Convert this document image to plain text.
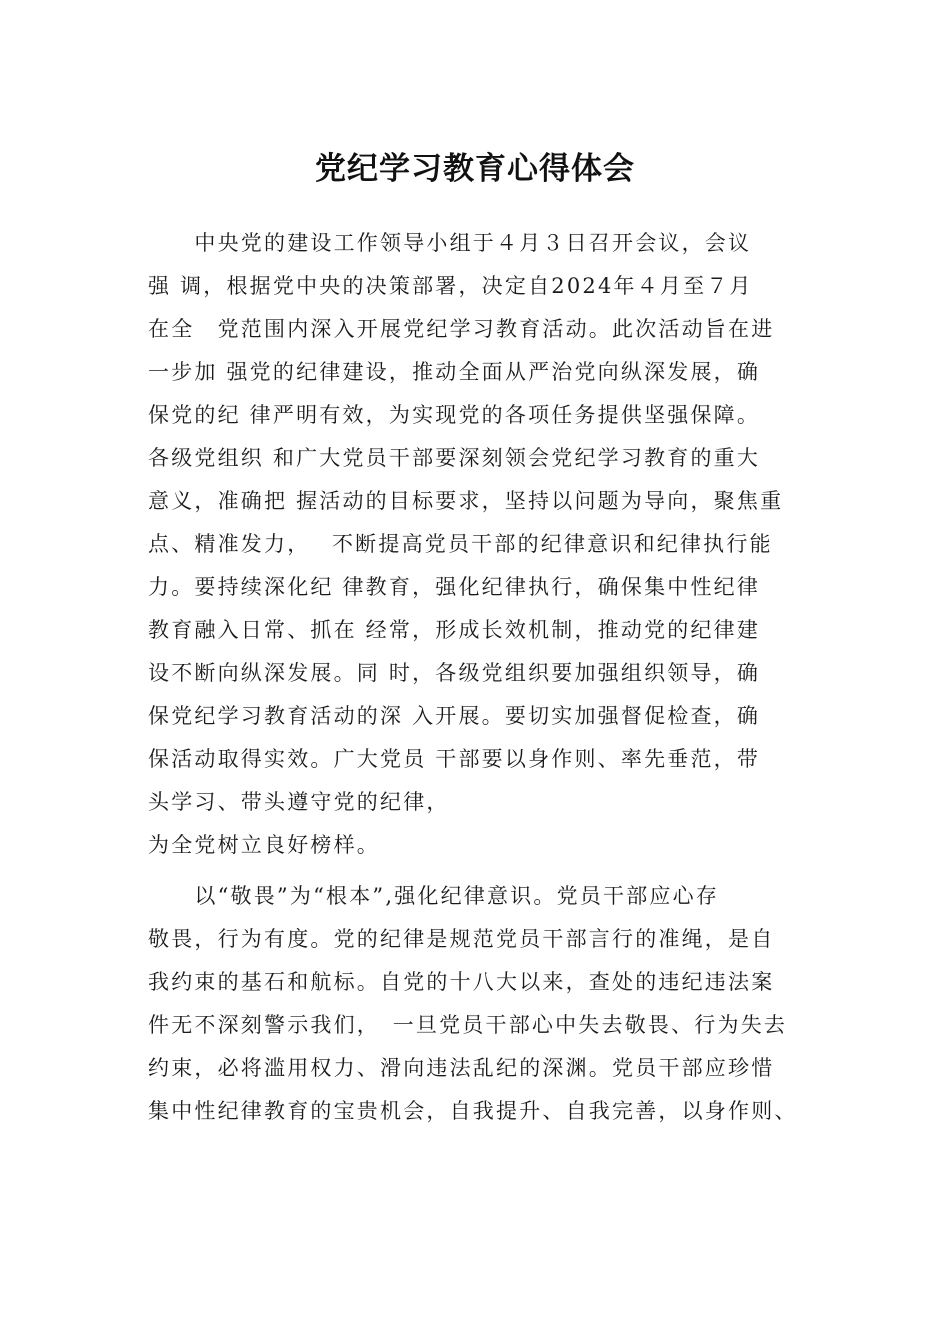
党纪学习教育心得体会
　　中央党的建设工作领导小组于４月３日召开会议，会议
强 调，根据党中央的决策部署，决定自2024年４月至７月
在全　党范围内深入开展党纪学习教育活动。此次活动旨在进
一步加 强党的纪律建设，推动全面从严治党向纵深发展，确
保党的纪 律严明有效，为实现党的各项任务提供坚强保障。
各级党组织 和广大党员干部要深刻领会党纪学习教育的重大
意义，准确把 握活动的目标要求，坚持以问题为导向，聚焦重
点、精准发力，　 不断提高党员干部的纪律意识和纪律执行能
力。要持续深化纪 律教育，强化纪律执行，确保集中性纪律
教育融入日常、抓在 经常，形成长效机制，推动党的纪律建
设不断向纵深发展。同 时，各级党组织要加强组织领导，确
保党纪学习教育活动的深 入开展。要切实加强督促检查，确
保活动取得实效。广大党员 干部要以身作则、率先垂范，带
头学习、带头遵守党的纪律，
为全党树立良好榜样。
　　以“敬畏”为“根本”,强化纪律意识。党员干部应心存
敬畏，行为有度。党的纪律是规范党员干部言行的准绳，是自
我约束的基石和航标。自党的十八大以来，查处的违纪违法案
件无不深刻警示我们，　一旦党员干部心中失去敬畏、行为失去
约束，必将滥用权力、滑向违法乱纪的深渊。党员干部应珍惜
集中性纪律教育的宝贵机会，自我提升、自我完善，以身作则、
